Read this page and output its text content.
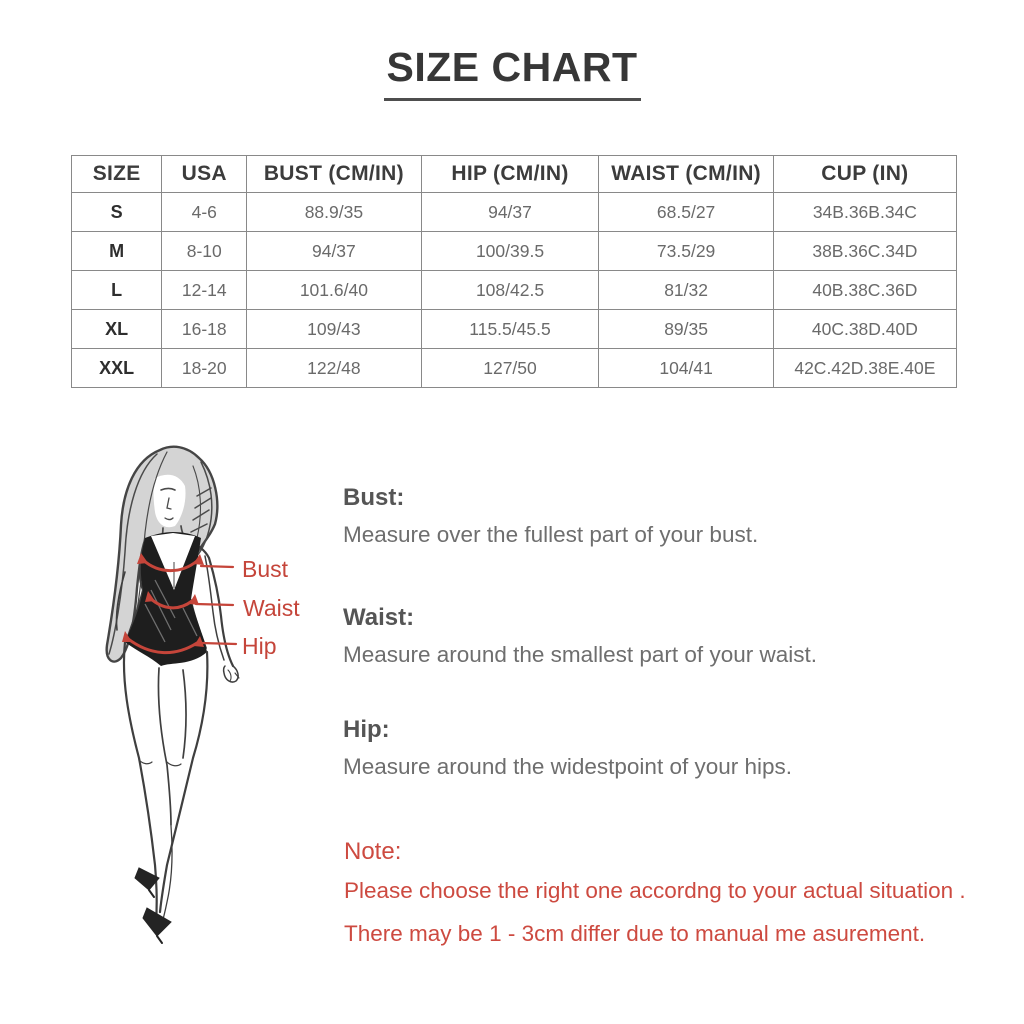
SIZE CHART
SIZE	USA	BUST (CM/IN)	HIP (CM/IN)	WAIST (CM/IN)	CUP (IN)
S	4-6	88.9/35	94/37	68.5/27	34B.36B.34C
M	8-10	94/37	100/39.5	73.5/29	38B.36C.34D
L	12-14	101.6/40	108/42.5	81/32	40B.38C.36D
XL	16-18	109/43	115.5/45.5	89/35	40C.38D.40D
XXL	18-20	122/48	127/50	104/41	42C.42D.38E.40E
Bust
Waist
Hip
Bust:
Measure over the fullest part of your bust.
Waist:
Measure around the smallest part of your waist.
Hip:
Measure around the widestpoint of your hips.
Note:
Please choose the right one accordng to your actual situation .
There may be 1 - 3cm differ due to manual me asurement.
